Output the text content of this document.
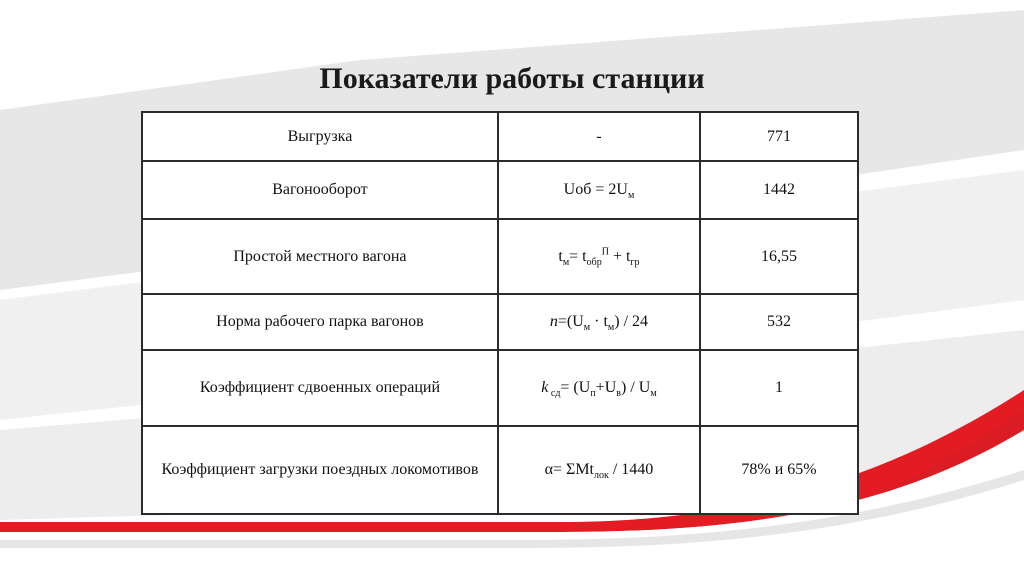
Показатели работы станции
Выгрузка	-	771
Вагонооборот	Uоб = $2U_м$	1442
Простой местного вагона	$t_м= t_{обр}^П + t_{гр}$	16,55
Норма рабочего парка вагонов	$n=(U_м \cdot t_м) / 24$	532
Коэффициент сдвоенных операций	k $_{сд}= (U_п+U_в) / U_м$	1
Коэффициент загрузки поездных локомотивов	α= ΣMt$_{лок}$ / 1440	78% и 65%
